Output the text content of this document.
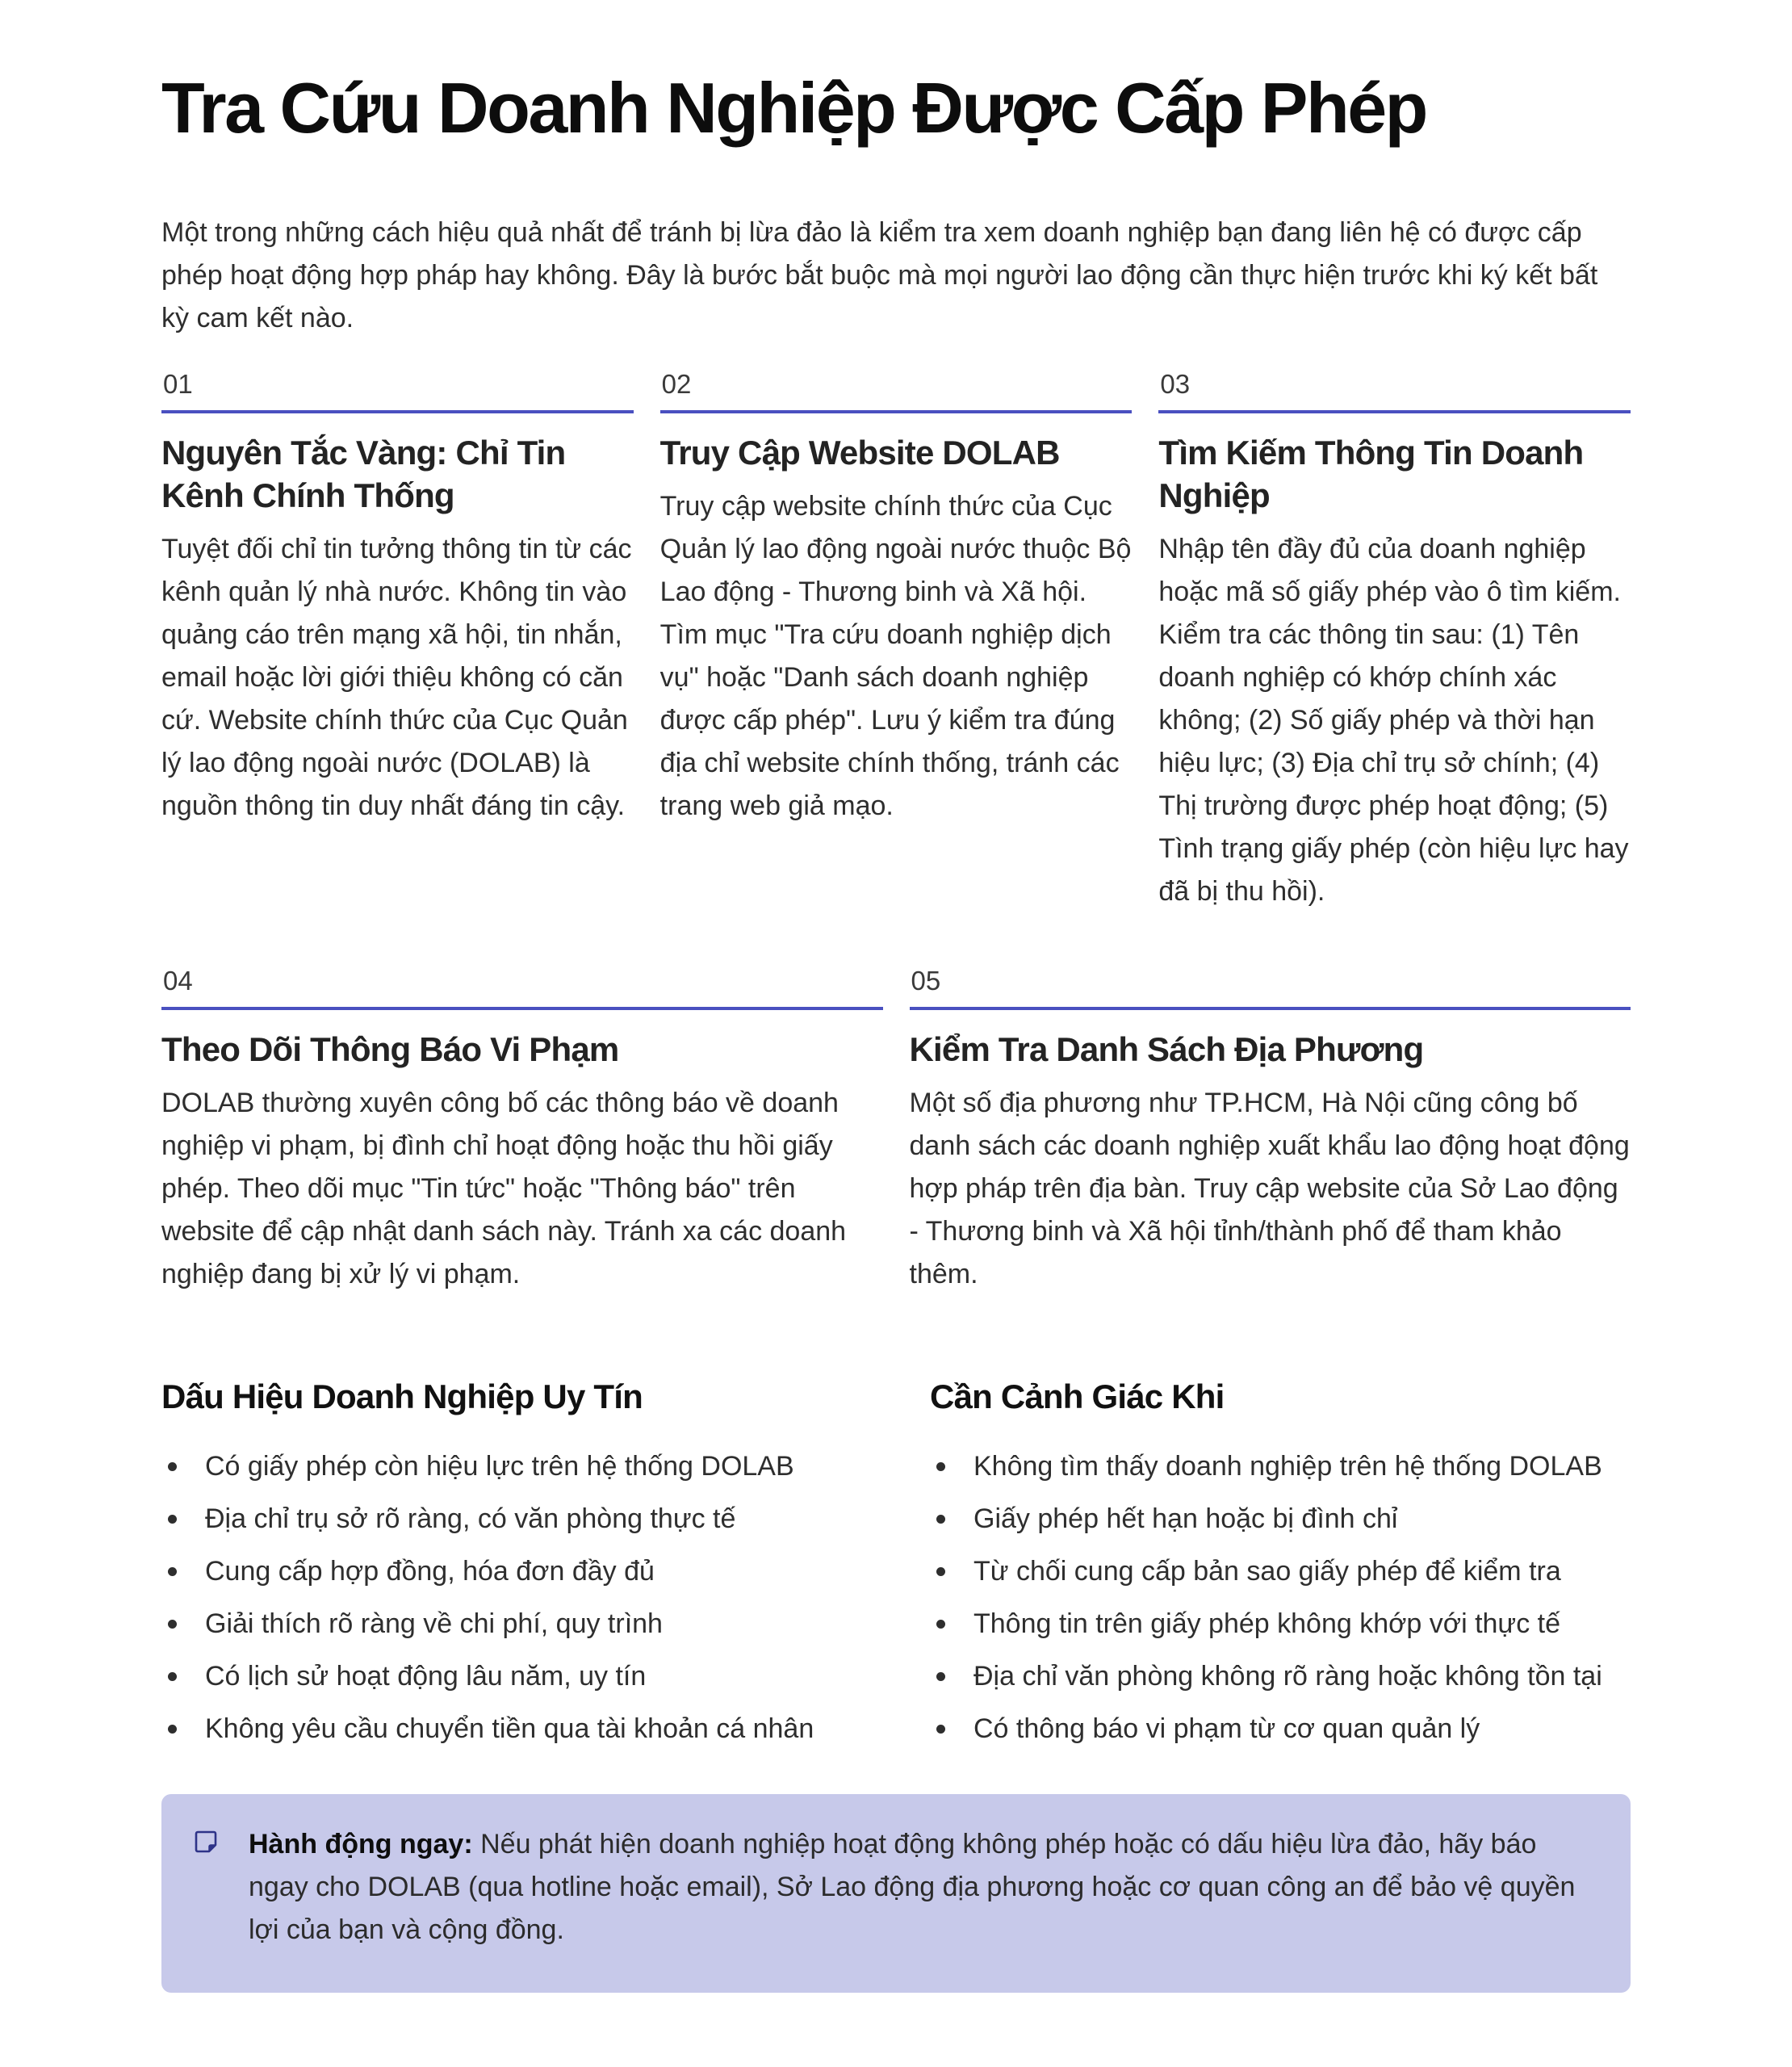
Tra Cứu Doanh Nghiệp Được Cấp Phép

Một trong những cách hiệu quả nhất để tránh bị lừa đảo là kiểm tra xem doanh nghiệp bạn đang liên hệ có được cấp phép hoạt động hợp pháp hay không. Đây là bước bắt buộc mà mọi người lao động cần thực hiện trước khi ký kết bất kỳ cam kết nào.

01
Nguyên Tắc Vàng: Chỉ Tin Kênh Chính Thống

Tuyệt đối chỉ tin tưởng thông tin từ các kênh quản lý nhà nước. Không tin vào quảng cáo trên mạng xã hội, tin nhắn, email hoặc lời giới thiệu không có căn cứ. Website chính thức của Cục Quản lý lao động ngoài nước (DOLAB) là nguồn thông tin duy nhất đáng tin cậy.

02
Truy Cập Website DOLAB

Truy cập website chính thức của Cục Quản lý lao động ngoài nước thuộc Bộ Lao động - Thương binh và Xã hội. Tìm mục "Tra cứu doanh nghiệp dịch vụ" hoặc "Danh sách doanh nghiệp được cấp phép". Lưu ý kiểm tra đúng địa chỉ website chính thống, tránh các trang web giả mạo.

03
Tìm Kiếm Thông Tin Doanh Nghiệp

Nhập tên đầy đủ của doanh nghiệp hoặc mã số giấy phép vào ô tìm kiếm. Kiểm tra các thông tin sau: (1) Tên doanh nghiệp có khớp chính xác không; (2) Số giấy phép và thời hạn hiệu lực; (3) Địa chỉ trụ sở chính; (4) Thị trường được phép hoạt động; (5) Tình trạng giấy phép (còn hiệu lực hay đã bị thu hồi).

04
Theo Dõi Thông Báo Vi Phạm

DOLAB thường xuyên công bố các thông báo về doanh nghiệp vi phạm, bị đình chỉ hoạt động hoặc thu hồi giấy phép. Theo dõi mục "Tin tức" hoặc "Thông báo" trên website để cập nhật danh sách này. Tránh xa các doanh nghiệp đang bị xử lý vi phạm.

05
Kiểm Tra Danh Sách Địa Phương

Một số địa phương như TP.HCM, Hà Nội cũng công bố danh sách các doanh nghiệp xuất khẩu lao động hoạt động hợp pháp trên địa bàn. Truy cập website của Sở Lao động - Thương binh và Xã hội tỉnh/thành phố để tham khảo thêm.

Dấu Hiệu Doanh Nghiệp Uy Tín
Có giấy phép còn hiệu lực trên hệ thống DOLAB
Địa chỉ trụ sở rõ ràng, có văn phòng thực tế
Cung cấp hợp đồng, hóa đơn đầy đủ
Giải thích rõ ràng về chi phí, quy trình
Có lịch sử hoạt động lâu năm, uy tín
Không yêu cầu chuyển tiền qua tài khoản cá nhân
Cần Cảnh Giác Khi
Không tìm thấy doanh nghiệp trên hệ thống DOLAB
Giấy phép hết hạn hoặc bị đình chỉ
Từ chối cung cấp bản sao giấy phép để kiểm tra
Thông tin trên giấy phép không khớp với thực tế
Địa chỉ văn phòng không rõ ràng hoặc không tồn tại
Có thông báo vi phạm từ cơ quan quản lý

Hành động ngay: Nếu phát hiện doanh nghiệp hoạt động không phép hoặc có dấu hiệu lừa đảo, hãy báo ngay cho DOLAB (qua hotline hoặc email), Sở Lao động địa phương hoặc cơ quan công an để bảo vệ quyền lợi của bạn và cộng đồng.
